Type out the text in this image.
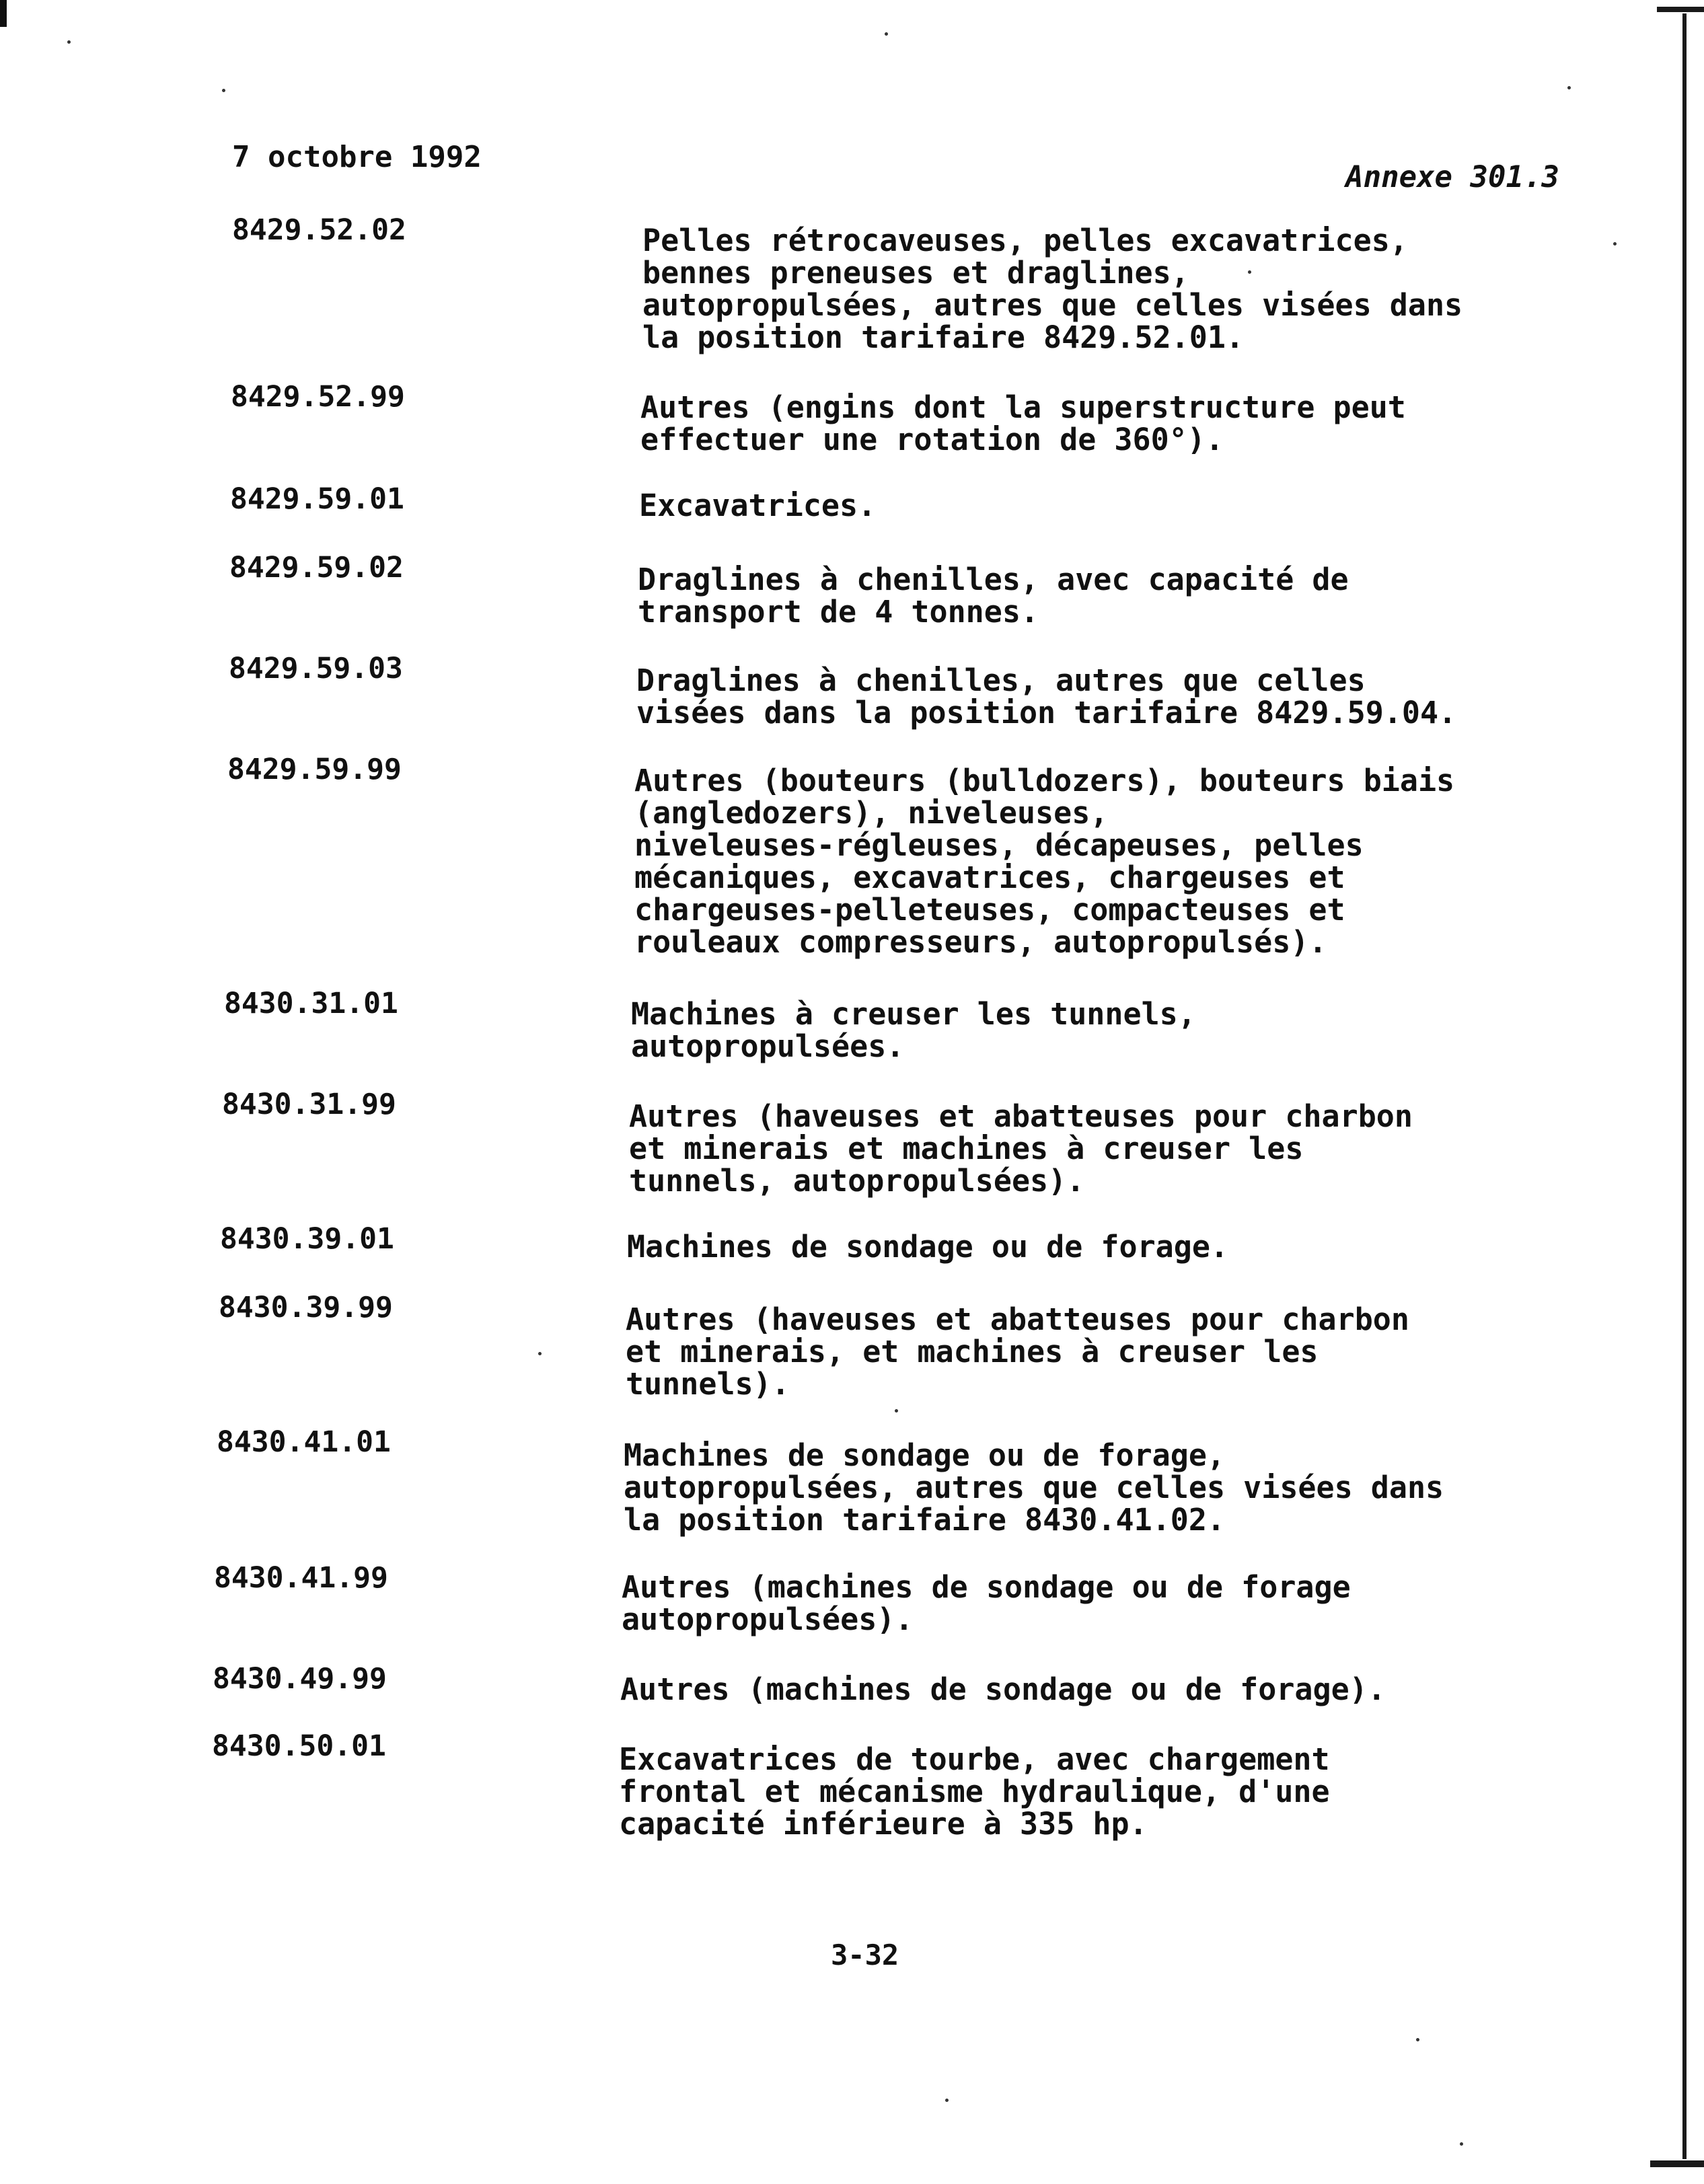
7 octobre 1992
Annexe 301.3
8429.52.02	Pelles rétrocaveuses, pelles excavatrices,
bennes preneuses et draglines,
autopropulsées, autres que celles visées dans
la position tarifaire 8429.52.01.
8429.52.99	Autres (engins dont la superstructure peut
effectuer une rotation de 360°).
8429.59.01	Excavatrices.
8429.59.02	Draglines à chenilles, avec capacité de
transport de 4 tonnes.
8429.59.03	Draglines à chenilles, autres que celles
visées dans la position tarifaire 8429.59.04.
8429.59.99	Autres (bouteurs (bulldozers), bouteurs biais
(angledozers), niveleuses,
niveleuses-régleuses, décapeuses, pelles
mécaniques, excavatrices, chargeuses et
chargeuses-pelleteuses, compacteuses et
rouleaux compresseurs, autopropulsés).
8430.31.01	Machines à creuser les tunnels,
autopropulsées.
8430.31.99	Autres (haveuses et abatteuses pour charbon
et minerais et machines à creuser les
tunnels, autopropulsées).
8430.39.01	Machines de sondage ou de forage.
8430.39.99	Autres (haveuses et abatteuses pour charbon
et minerais, et machines à creuser les
tunnels).
8430.41.01	Machines de sondage ou de forage,
autopropulsées, autres que celles visées dans
la position tarifaire 8430.41.02.
8430.41.99	Autres (machines de sondage ou de forage
autopropulsées).
8430.49.99	Autres (machines de sondage ou de forage).
8430.50.01	Excavatrices de tourbe, avec chargement
frontal et mécanisme hydraulique, d'une
capacité inférieure à 335 hp.
3-32
